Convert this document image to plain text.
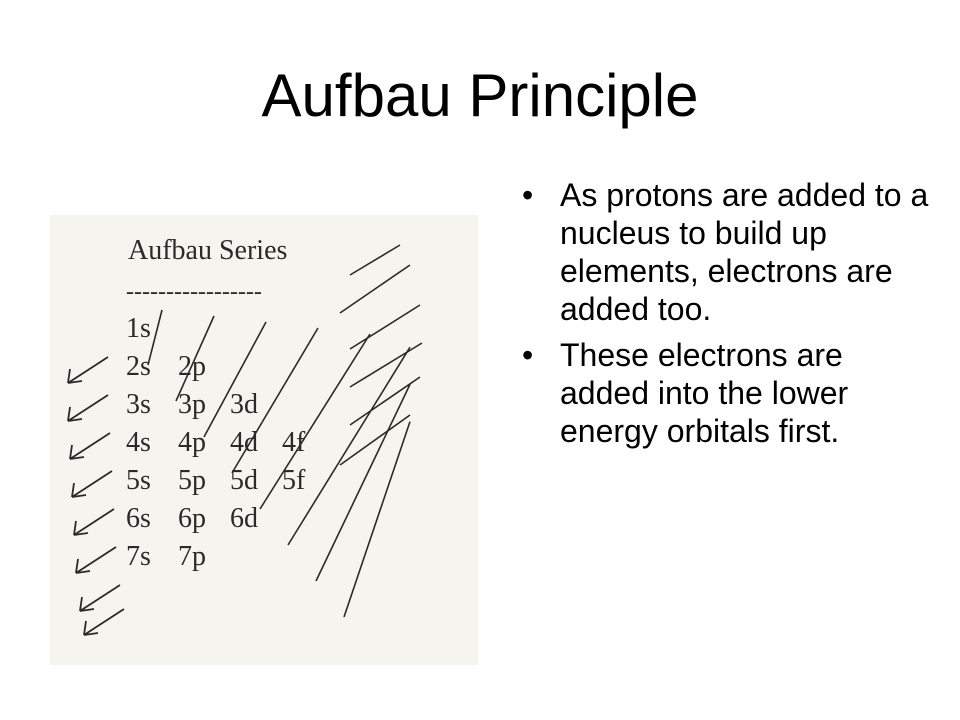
Aufbau Principle
Aufbau Series
-----------------
1s
2s 2p
3s 3p 3d
4s 4p 4d 4f
5s 5p 5d 5f
6s 6p 6d
7s 7p
• As protons are added to a nucleus to build up elements, electrons are added too.
• These electrons are added into the lower energy orbitals first.
